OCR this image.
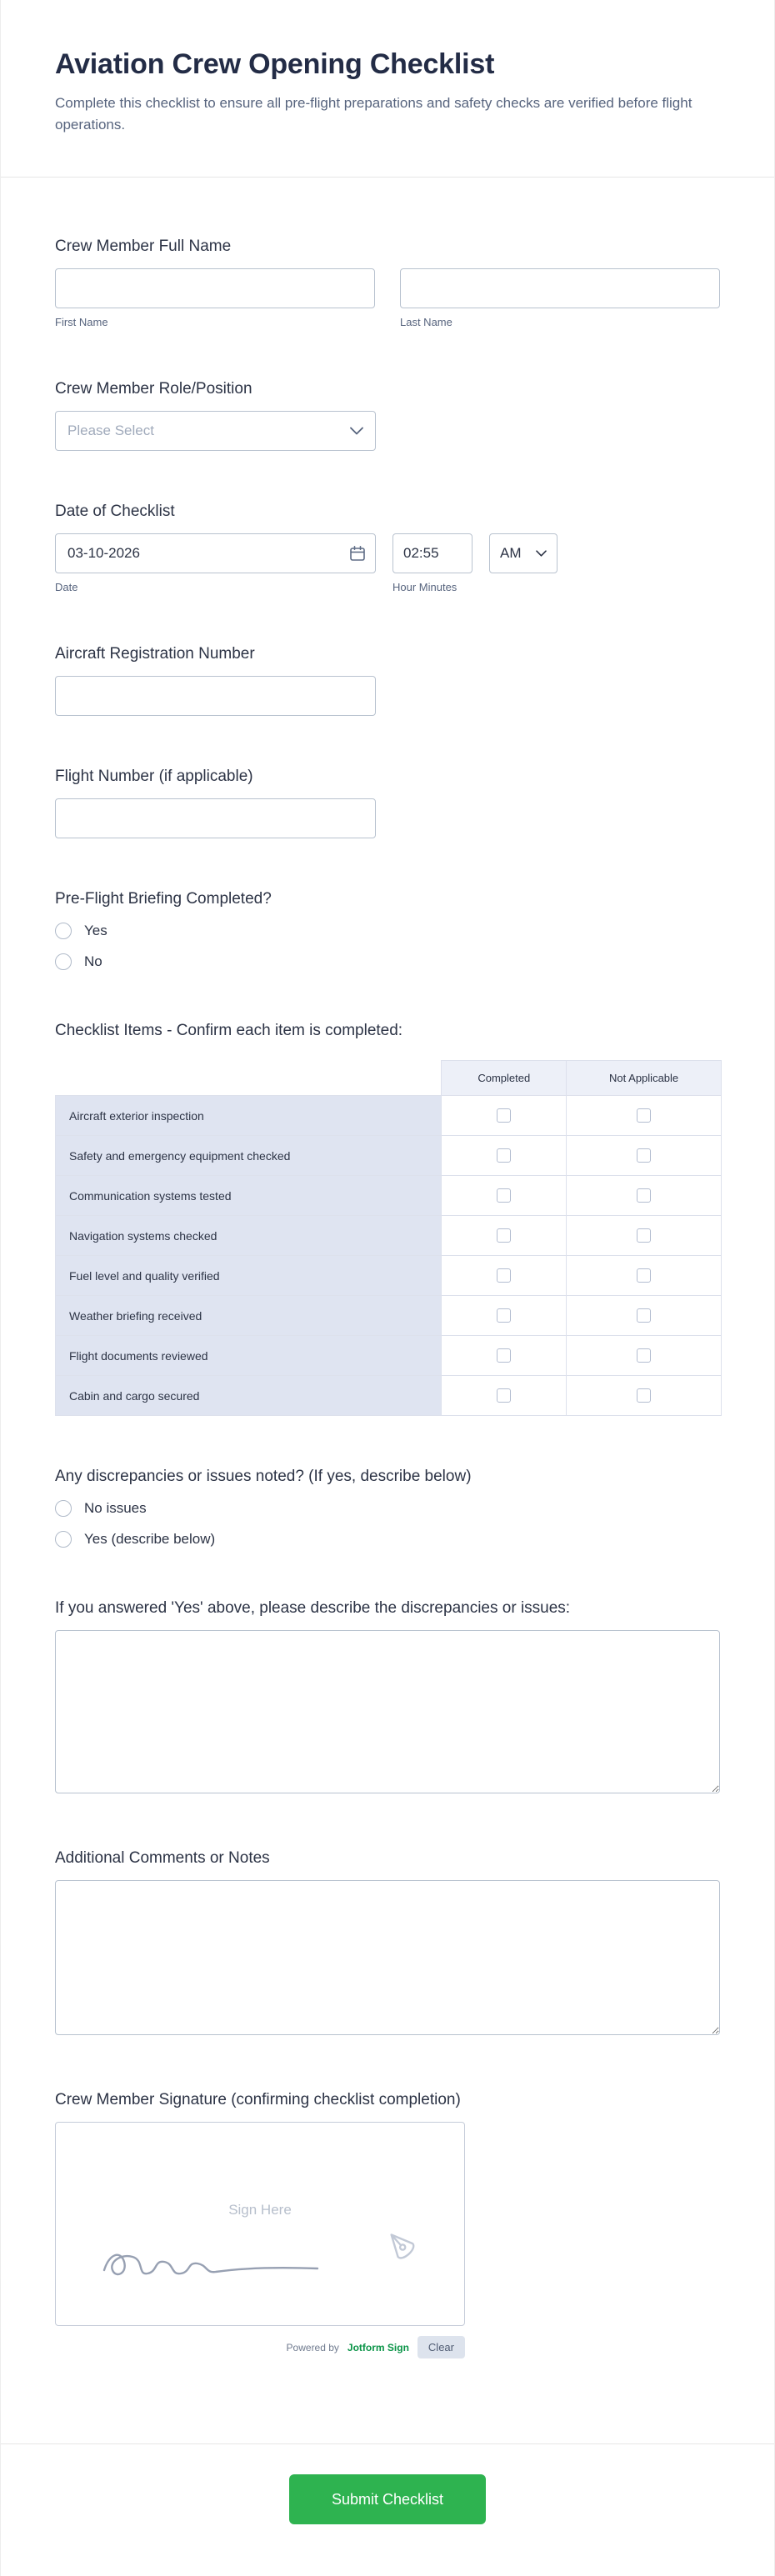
Aviation Crew Opening Checklist

Complete this checklist to ensure all pre-flight preparations and safety checks are verified before flight operations.

Crew Member Full Name
First Name	Last Name
Crew Member Role/Position
Please Select
Date of Checklist
03-10-2026
02:55
AM
Date	Hour Minutes
Aircraft Registration Number
Flight Number (if applicable)
Pre-Flight Briefing Completed?
Yes
No
Checklist Items - Confirm each item is completed:
	Completed	Not Applicable
Aircraft exterior inspection		
Safety and emergency equipment checked		
Communication systems tested		
Navigation systems checked		
Fuel level and quality verified		
Weather briefing received		
Flight documents reviewed		
Cabin and cargo secured		
Any discrepancies or issues noted? (If yes, describe below)
No issues
Yes (describe below)
If you answered 'Yes' above, please describe the discrepancies or issues:
Additional Comments or Notes
Crew Member Signature (confirming checklist completion)
Sign Here
Powered by Jotform Sign	Clear
Submit Checklist
